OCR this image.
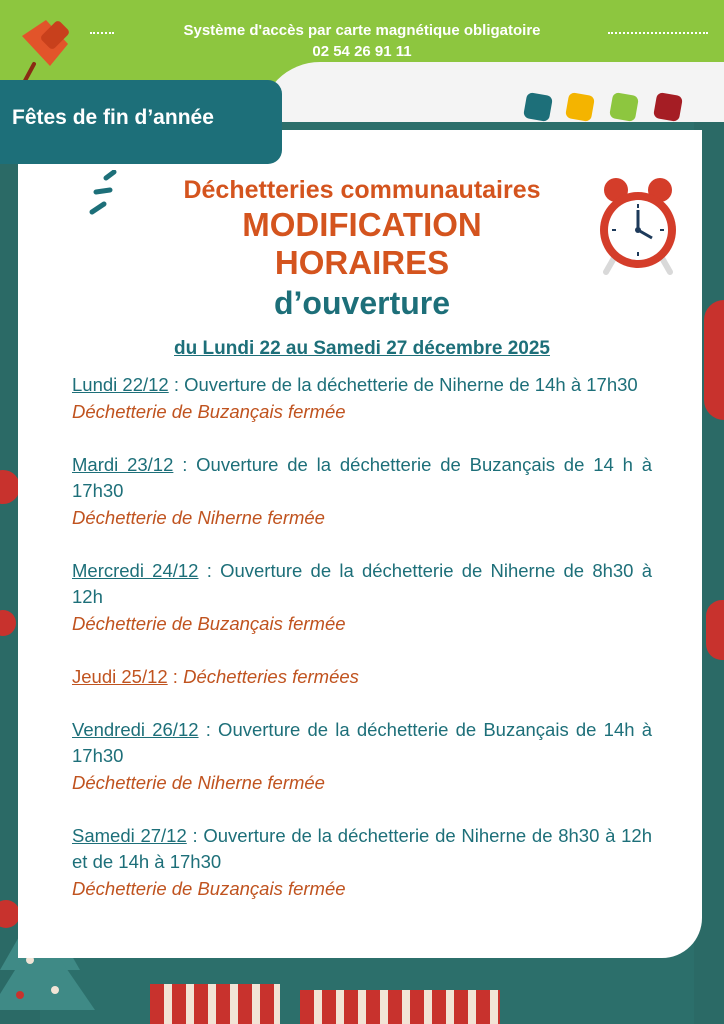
Système d'accès par carte magnétique obligatoire
02 54 26 91 11
Fêtes de fin d’année
Déchetteries communautaires
MODIFICATION
HORAIRES
d’ouverture
du Lundi 22 au Samedi 27 décembre 2025
Lundi 22/12 : Ouverture de la déchetterie de Niherne de 14h à 17h30
Déchetterie de Buzançais fermée
Mardi 23/12 : Ouverture de la déchetterie de Buzançais de 14 h à 17h30
Déchetterie de Niherne fermée
Mercredi 24/12 : Ouverture de la déchetterie de Niherne de 8h30 à 12h
Déchetterie de Buzançais fermée
Jeudi 25/12 : Déchetteries fermées
Vendredi 26/12 : Ouverture de la déchetterie de Buzançais de 14h à 17h30
Déchetterie de Niherne fermée
Samedi 27/12 : Ouverture de la déchetterie de Niherne de 8h30 à 12h et de 14h à 17h30
Déchetterie de Buzançais fermée
